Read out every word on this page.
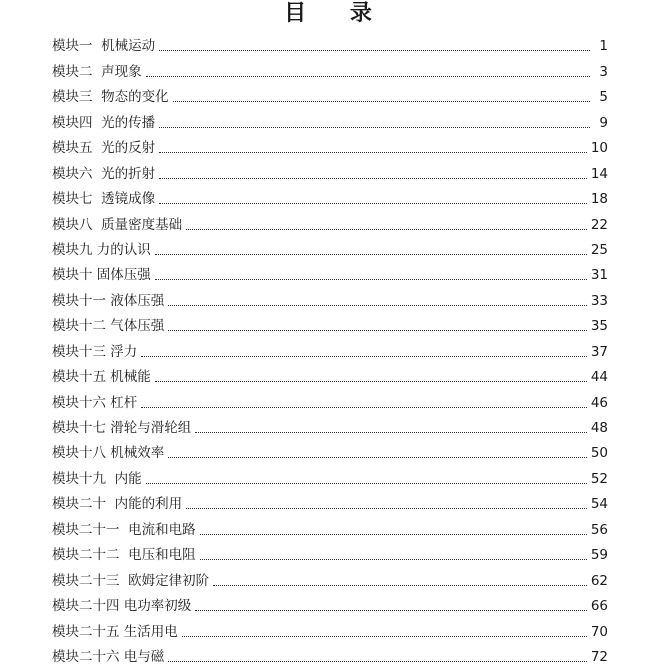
目 录
模块一  机械运动	1
模块二  声现象	3
模块三  物态的变化	5
模块四  光的传播	9
模块五  光的反射	10
模块六  光的折射	14
模块七  透镜成像	18
模块八  质量密度基础	22
模块九 力的认识	25
模块十 固体压强	31
模块十一 液体压强	33
模块十二 气体压强	35
模块十三 浮力	37
模块十五 机械能	44
模块十六 杠杆	46
模块十七 滑轮与滑轮组	48
模块十八 机械效率	50
模块十九  内能	52
模块二十  内能的利用	54
模块二十一  电流和电路	56
模块二十二  电压和电阻	59
模块二十三  欧姆定律初阶	62
模块二十四 电功率初级	66
模块二十五 生活用电	70
模块二十六 电与磁	72
